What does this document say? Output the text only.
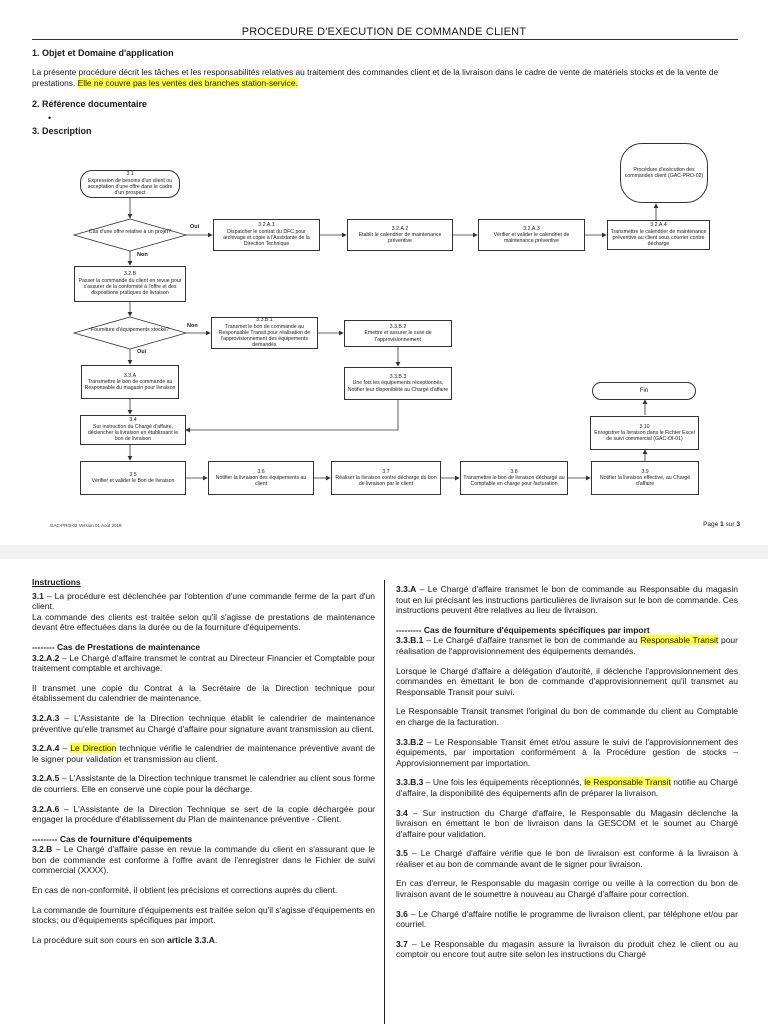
PROCEDURE D'EXECUTION DE COMMANDE CLIENT
1. Objet et Domaine d'application
La présente procédure décrit les tâches et les responsabilités relatives au traitement des commandes client et de la livraison dans le cadre de vente de matériels stocks et de la vente de prestations. Elle ne couvre pas les ventes des branches station-service.
2. Référence documentaire
•
3. Description
3.1
Expression de besoins d'un client ou acceptation d'une offre dans le cadre d'un prospect
Cas d'une offre relative à un projet?
3.2.A.1
Dispatcher le contrat du DFC pour archivage et copie à l'Assistante de la Direction Technique
3.2.A.2
Etablir le calendrier de maintenance préventive
3.2.A.3
Vérifier et valider le calendrier de maintenance préventive
3.2.A.4
Transmettre le calendrier de maintenance préventive au client sous courrier contre décharge
Procédure d'exécution des commandes client (GAC-PRO-02)
3.2.B
Passer la commande du client en revue pour s'assurer de la conformité à l'offre et des dispositions pratiques de livraison
Fourniture d'équipements stocké?
3.3.B.1
Transmet le bon de commande au Responsable Transit pour réalisation de l'approvisionnement des équipements demandés
3.3.B.2
Emettre et assurer le suivi de l'approvisionnement
3.3.A
Transmettre le bon de commande au Responsable du magasin pour livraison
3.3.B.3
Une fois les équipements réceptionnés, Notifier leur disponibilité au Chargé d'affaire	Fin
3.10
Enregistrer la livraison dans le Fichier Excel de suivi commercial (GAC-OI-01)
3.4
Sur instruction du Chargé d'affaire, déclencher la livraison en établissant le bon de livraison
3.5
Vérifier et valider le Bon de livraison
3.6
Notifier la livraison des équipements au client
3.7
Réaliser la livraison contre décharge du bon de livraison par le client
3.8
Transmettre le bon de livraison déchargé au Comptable en charge pour facturation
3.9
Notifier la livraison effective, au Chargé d'affaire
Oui
Non
Non
Oui
GAC-PRO-02 Version 01 Août 2019	Page 1 sur 3

Instructions

3.1 – La procédure est déclenchée par l'obtention d'une commande ferme de la part d'un client.

La commande des clients est traitée selon qu'il s'agisse de prestations de maintenance devant être effectuées dans la durée ou de la fourniture d'équipements.

-------- Cas de Prestations de maintenance

3.2.A.2 – Le Chargé d'affaire transmet le contrat au Directeur Financier et Comptable pour traitement comptable et archivage.

Il transmet une copie du Contrat à la Secrétaire de la Direction technique pour établissement du calendrier de maintenance.

3.2.A.3 – L'Assistante de la Direction technique établit le calendrier de maintenance préventive qu'elle transmet au Chargé d'affaire pour signature avant transmission au client.

3.2.A.4 – Le Direction technique vérifie le calendrier de maintenance préventive avant de le signer pour validation et transmission au client.

3.2.A.5 – L'Assistante de la Direction technique transmet le calendrier au client sous forme de courriers. Elle en conserve une copie pour la décharge.

3.2.A.6 – L'Assistante de la Direction Technique se sert de la copie déchargée pour engager la procédure d'établissement du Plan de maintenance préventive - Client.

--------- Cas de fourniture d'équipements

3.2.B – Le Chargé d'affaire passe en revue la commande du client en s'assurant que le bon de commande est conforme à l'offre avant de l'enregistrer dans le Fichier de suivi commercial (XXXX).

En cas de non-conformité, il obtient les précisions et corrections auprès du client.

La commande de fourniture d'équipements est traitée selon qu'il s'agisse d'équipements en stocks; ou d'équipements spécifiques par import.

La procédure suit son cours en son article 3.3.A.

3.3.A – Le Chargé d'affaire transmet le bon de commande au Responsable du magasin tout en lui précisant les instructions particulières de livraison sur le bon de commande. Ces instructions peuvent être relatives au lieu de livraison.

--------- Cas de fourniture d'équipements spécifiques par import

3.3.B.1 – Le Chargé d'affaire transmet le bon de commande au Responsable Transit pour réalisation de l'approvisionnement des équipements demandés.

Lorsque le Chargé d'affaire a délégation d'autorité, il déclenche l'approvisionnement des commandes en émettant le bon de commande d'approvisionnement qu'il transmet au Responsable Transit pour suivi.

Le Responsable Transit transmet l'original du bon de commande du client au Comptable en charge de la facturation.

3.3.B.2 – Le Responsable Transit émet et/ou assure le suivi de l'approvisionnement des équipements, par importation conformément à la Procédure gestion de stocks – Approvisionnement par importation.

3.3.B.3 – Une fois les équipements réceptionnés, le Responsable Transit notifie au Chargé d'affaire, la disponibilité des équipements afin de préparer la livraison.

3.4 – Sur instruction du Chargé d'affaire, le Responsable du Magasin déclenche la livraison en émettant le bon de livraison dans la GESCOM et le soumet au Chargé d'affaire pour validation.

3.5 – Le Chargé d'affaire vérifie que le bon de livraison est conforme à la livraison à réaliser et au bon de commande avant de le signer pour livraison.

En cas d'erreur, le Responsable du magasin corrige ou veille à la correction du bon de livraison avant de le soumettre à nouveau au Chargé d'affaire pour correction.

3.6 – Le Chargé d'affaire notifie le programme de livraison client, par téléphone et/ou par courriel.

3.7 – Le Responsable du magasin assure la livraison du produit chez le client ou au comptoir ou encore tout autre site selon les instructions du Chargé
